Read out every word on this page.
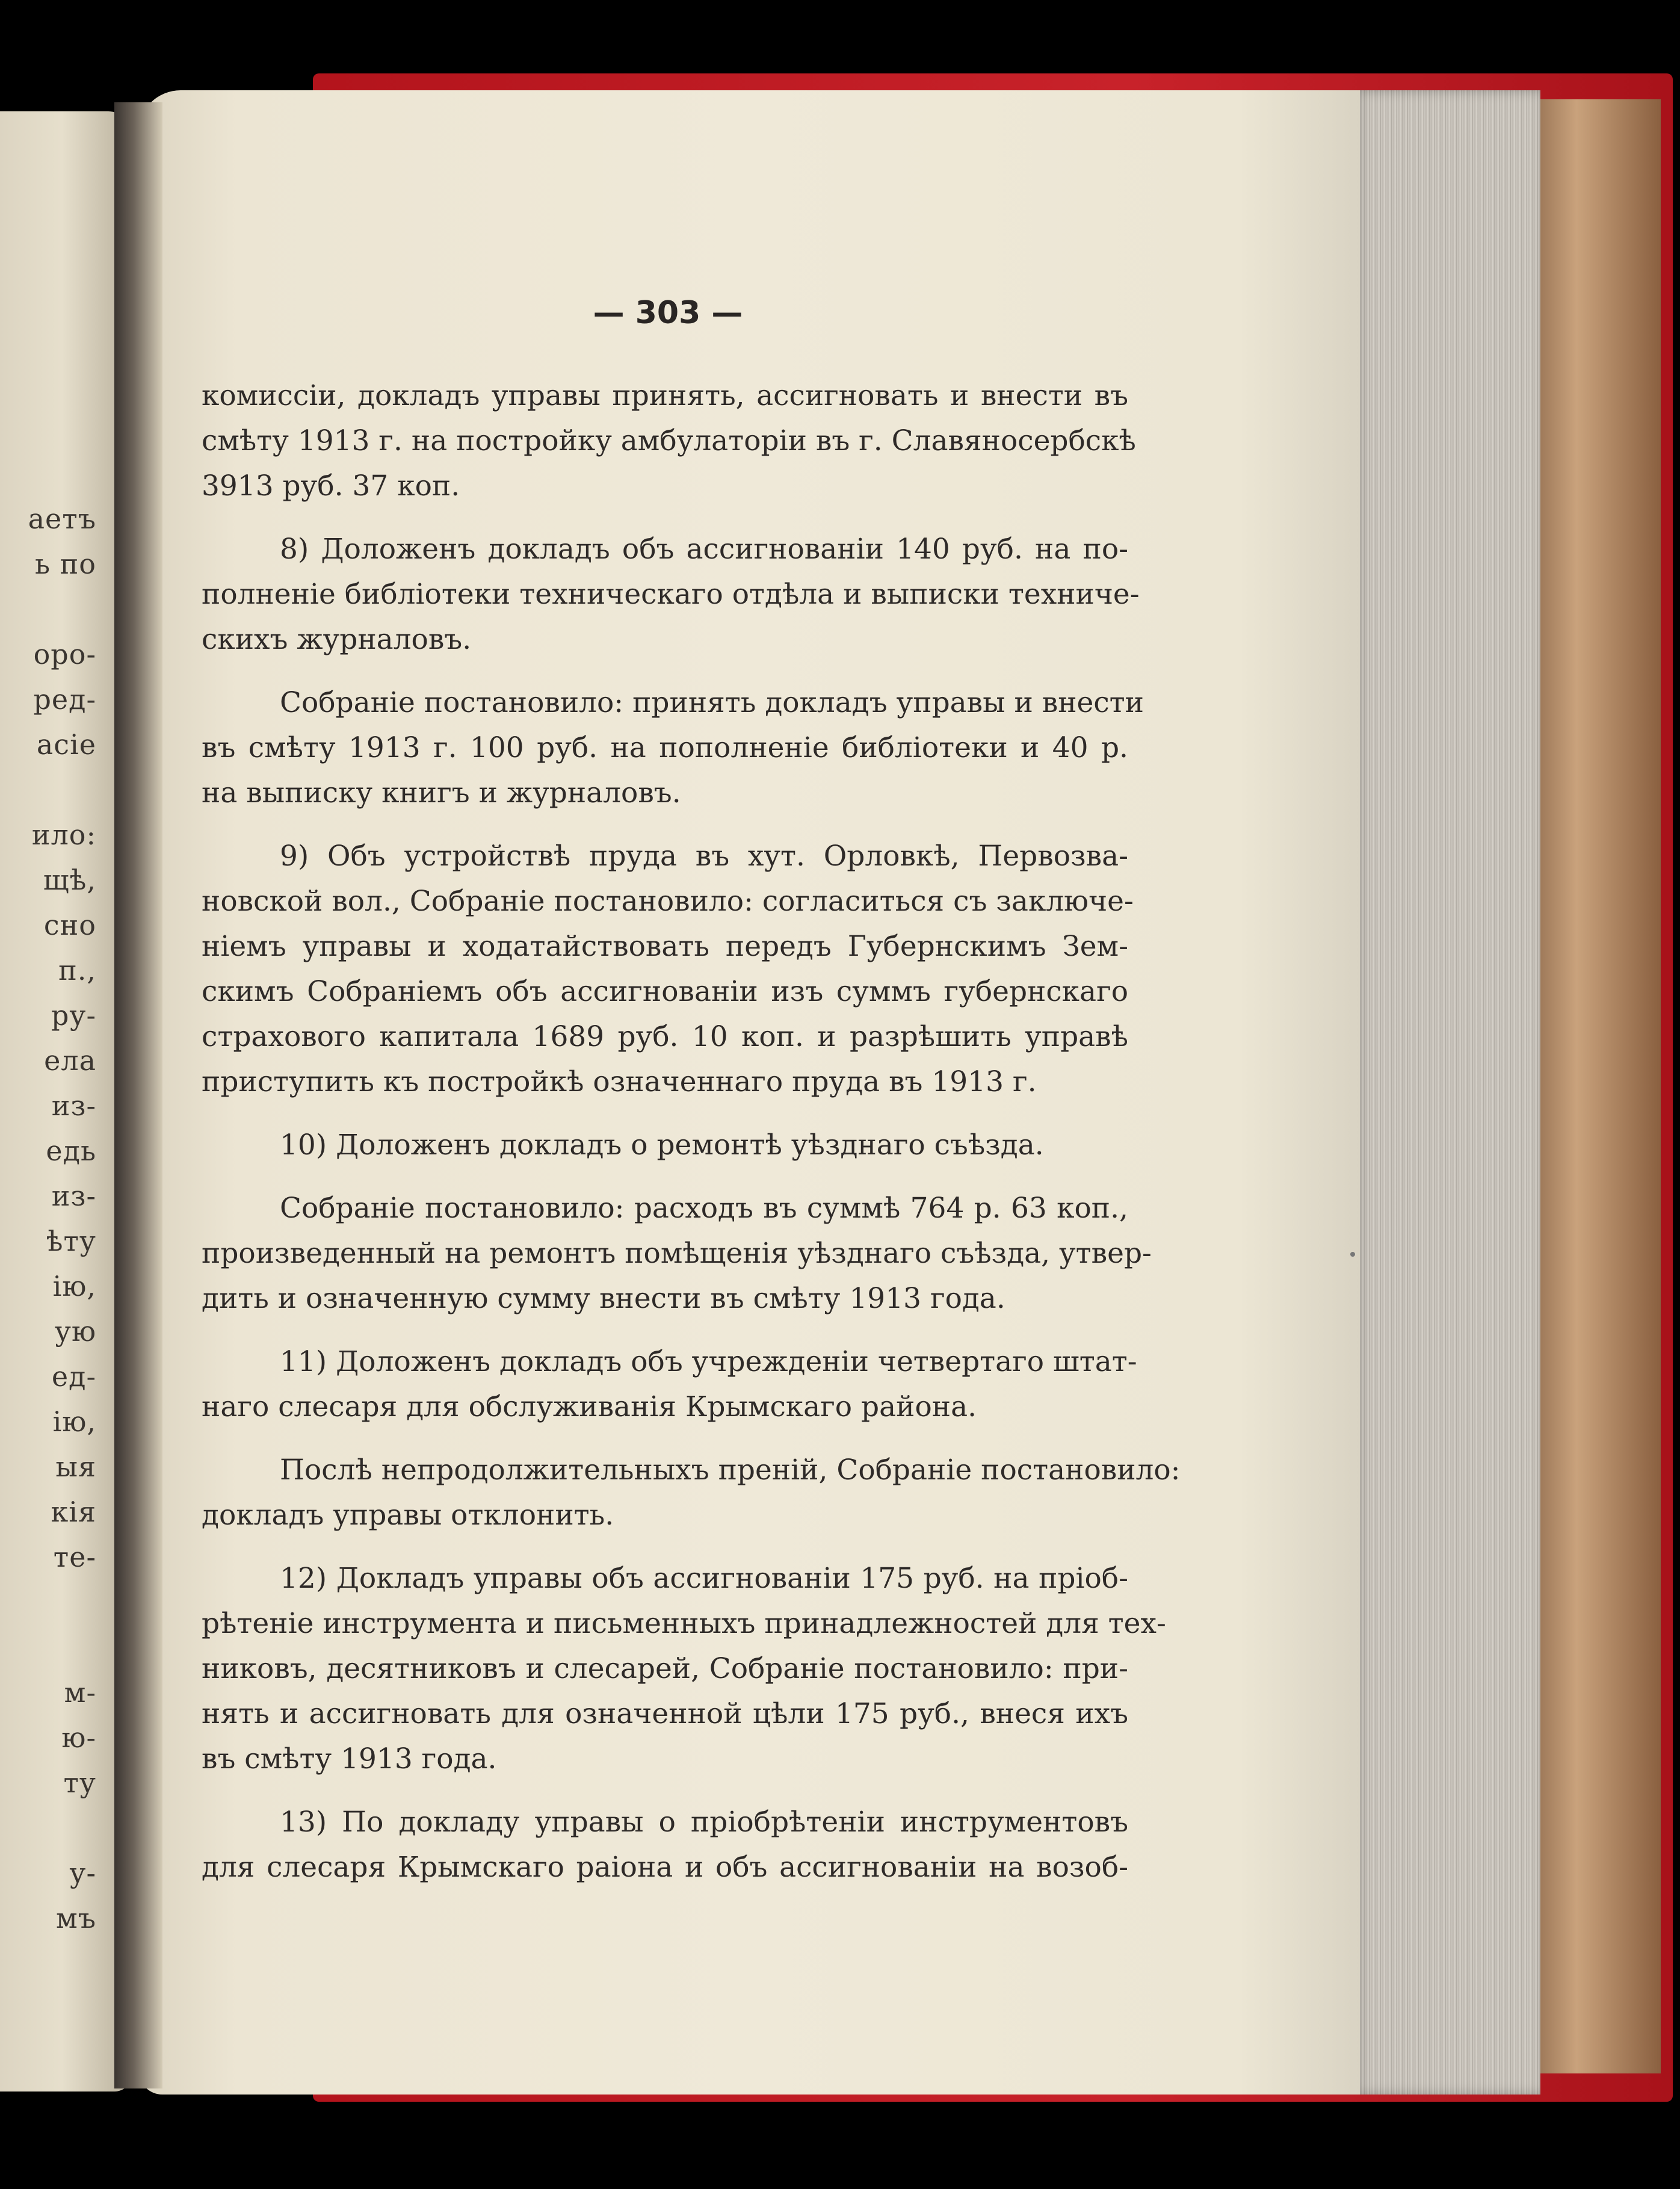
аетъ
ь по
оро-
ред-
асіе
ило:
щѣ,
сно
п.,
ру-
ела
из-
едь
из-
ѣту
ію,
ую
ед-
ію,
ыя
кія
те-
м-
ю-
ту
у-
мъ
— 303 —
комиссіи, докладъ управы принять, ассигновать и внести въ
смѣту 1913 г. на постройку амбулаторіи въ г. Славяносербскѣ
3913 руб. 37 коп.
8) Доложенъ докладъ объ ассигнованіи 140 руб. на по-
полненіе библіотеки техническаго отдѣла и выписки техниче-
скихъ журналовъ.
Собраніе постановило: принять докладъ управы и внести
въ смѣту 1913 г. 100 руб. на пополненіе библіотеки и 40 р.
на выписку книгъ и журналовъ.
9) Объ устройствѣ пруда въ хут. Орловкѣ, Первозва-
новской вол., Собраніе постановило: согласиться съ заключе-
ніемъ управы и ходатайствовать передъ Губернскимъ Зем-
скимъ Собраніемъ объ ассигнованіи изъ суммъ губернскаго
страхового капитала 1689 руб. 10 коп. и разрѣшить управѣ
приступить къ постройкѣ означеннаго пруда въ 1913 г.
10) Доложенъ докладъ о ремонтѣ уѣзднаго съѣзда.
Собраніе постановило: расходъ въ суммѣ 764 р. 63 коп.,
произведенный на ремонтъ помѣщенія уѣзднаго съѣзда, утвер-
дить и означенную сумму внести въ смѣту 1913 года.
11) Доложенъ докладъ объ учрежденіи четвертаго штат-
наго слесаря для обслуживанія Крымскаго района.
Послѣ непродолжительныхъ преній, Собраніе постановило:
докладъ управы отклонить.
12) Докладъ управы объ ассигнованіи 175 руб. на пріоб-
рѣтеніе инструмента и письменныхъ принадлежностей для тех-
никовъ, десятниковъ и слесарей, Собраніе постановило: при-
нять и ассигновать для означенной цѣли 175 руб., внеся ихъ
въ смѣту 1913 года.
13) По докладу управы о пріобрѣтеніи инструментовъ
для слесаря Крымскаго раіона и объ ассигнованіи на возоб-
